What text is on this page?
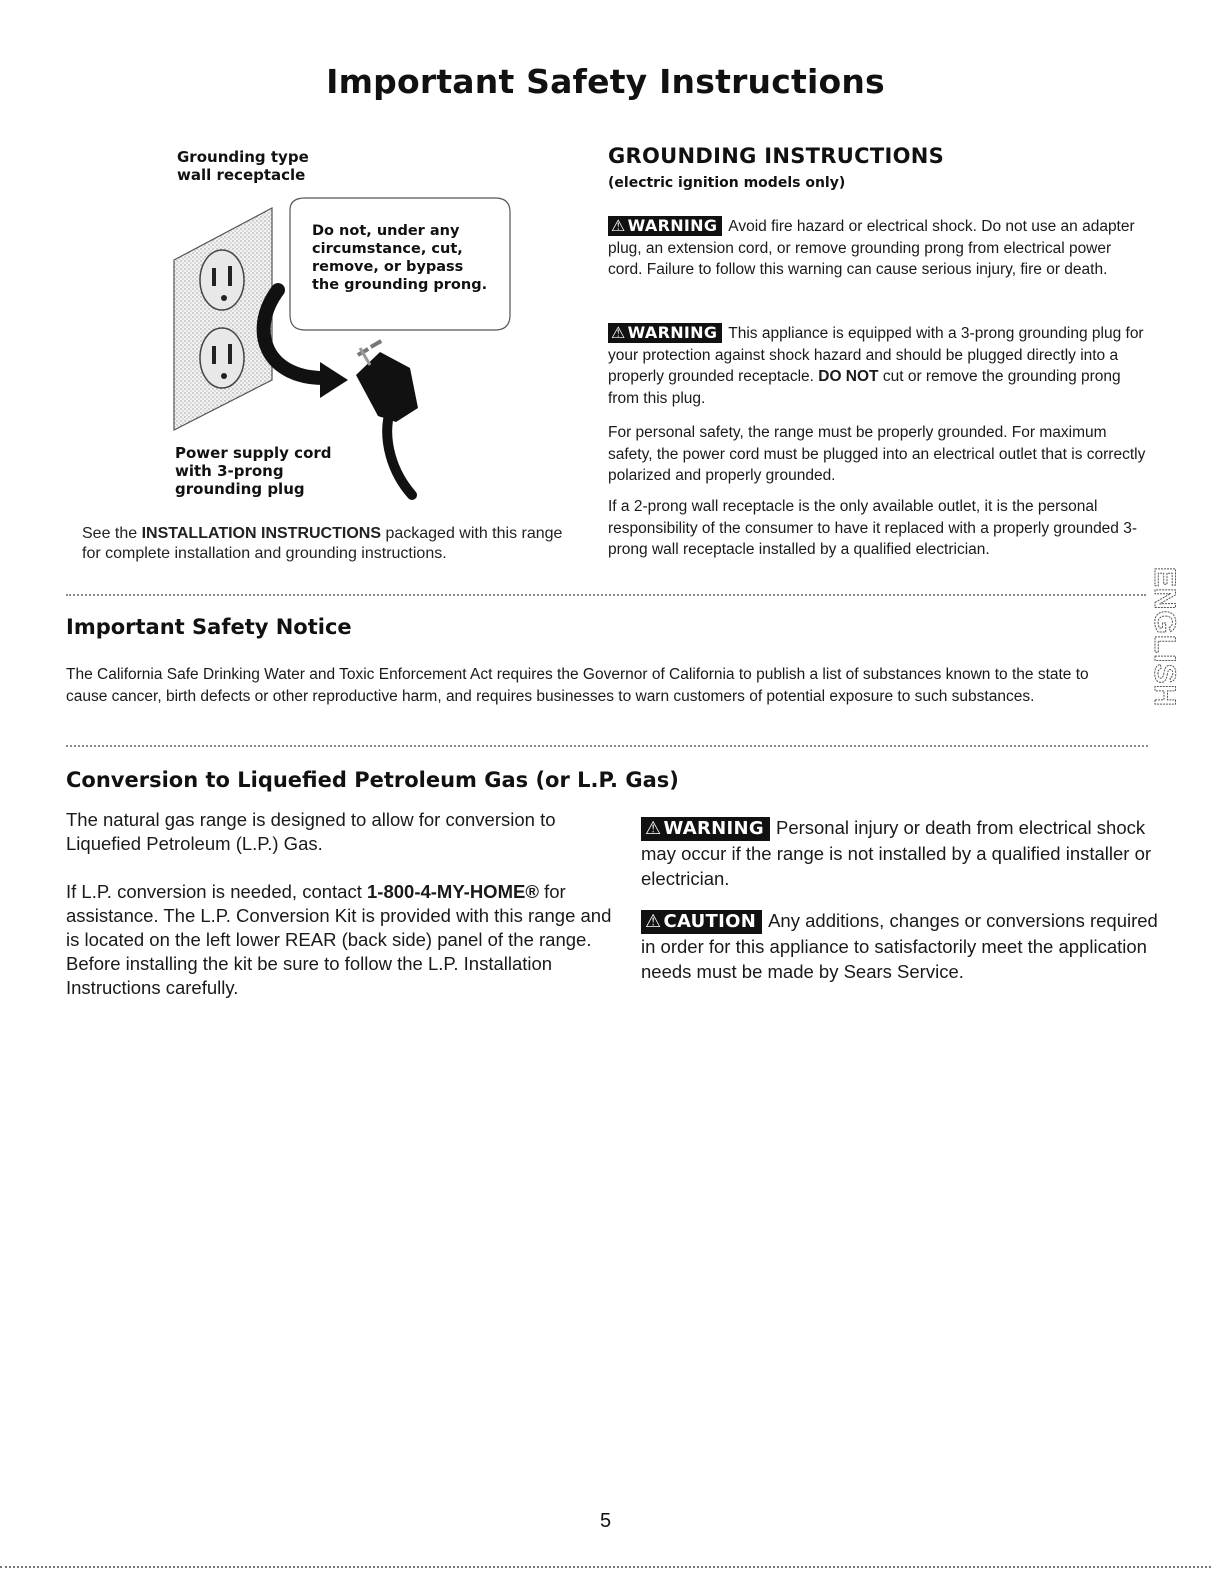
Important Safety Instructions
Grounding type
wall receptacle
Do not, under any
circumstance, cut,
remove, or bypass
the grounding prong.
Power supply cord
with 3-prong
grounding plug
See the INSTALLATION INSTRUCTIONS packaged with this range for complete installation and grounding instructions.
GROUNDING INSTRUCTIONS
(electric ignition models only)
⚠ WARNING Avoid fire hazard or electrical shock. Do not use an adapter plug, an extension cord, or remove grounding prong from electrical power cord. Failure to follow this warning can cause serious injury, fire or death.
⚠ WARNING This appliance is equipped with a 3-prong grounding plug for your protection against shock hazard and should be plugged directly into a properly grounded receptacle. DO NOT cut or remove the grounding prong from this plug.
For personal safety, the range must be properly grounded. For maximum safety, the power cord must be plugged into an electrical outlet that is correctly polarized and properly grounded.
If a 2-prong wall receptacle is the only available outlet, it is the personal responsibility of the consumer to have it replaced with a properly grounded 3-prong wall receptacle installed by a qualified electrician.
Important Safety Notice
The California Safe Drinking Water and Toxic Enforcement Act requires the Governor of California to publish a list of substances known to the state to cause cancer, birth defects or other reproductive harm, and requires businesses to warn customers of potential exposure to such substances.
Conversion to Liquefied Petroleum Gas (or L.P. Gas)
The natural gas range is designed to allow for conversion to Liquefied Petroleum (L.P.) Gas.
If L.P. conversion is needed, contact 1-800-4-MY-HOME® for assistance. The L.P. Conversion Kit is provided with this range and is located on the left lower REAR (back side) panel of the range. Before installing the kit be sure to follow the L.P. Installation Instructions carefully.
⚠ WARNING Personal injury or death from electrical shock may occur if the range is not installed by a qualified installer or electrician.
⚠ CAUTION Any additions, changes or conversions required in order for this appliance to satisfactorily meet the application needs must be made by Sears Service.
ENGLISH
5
